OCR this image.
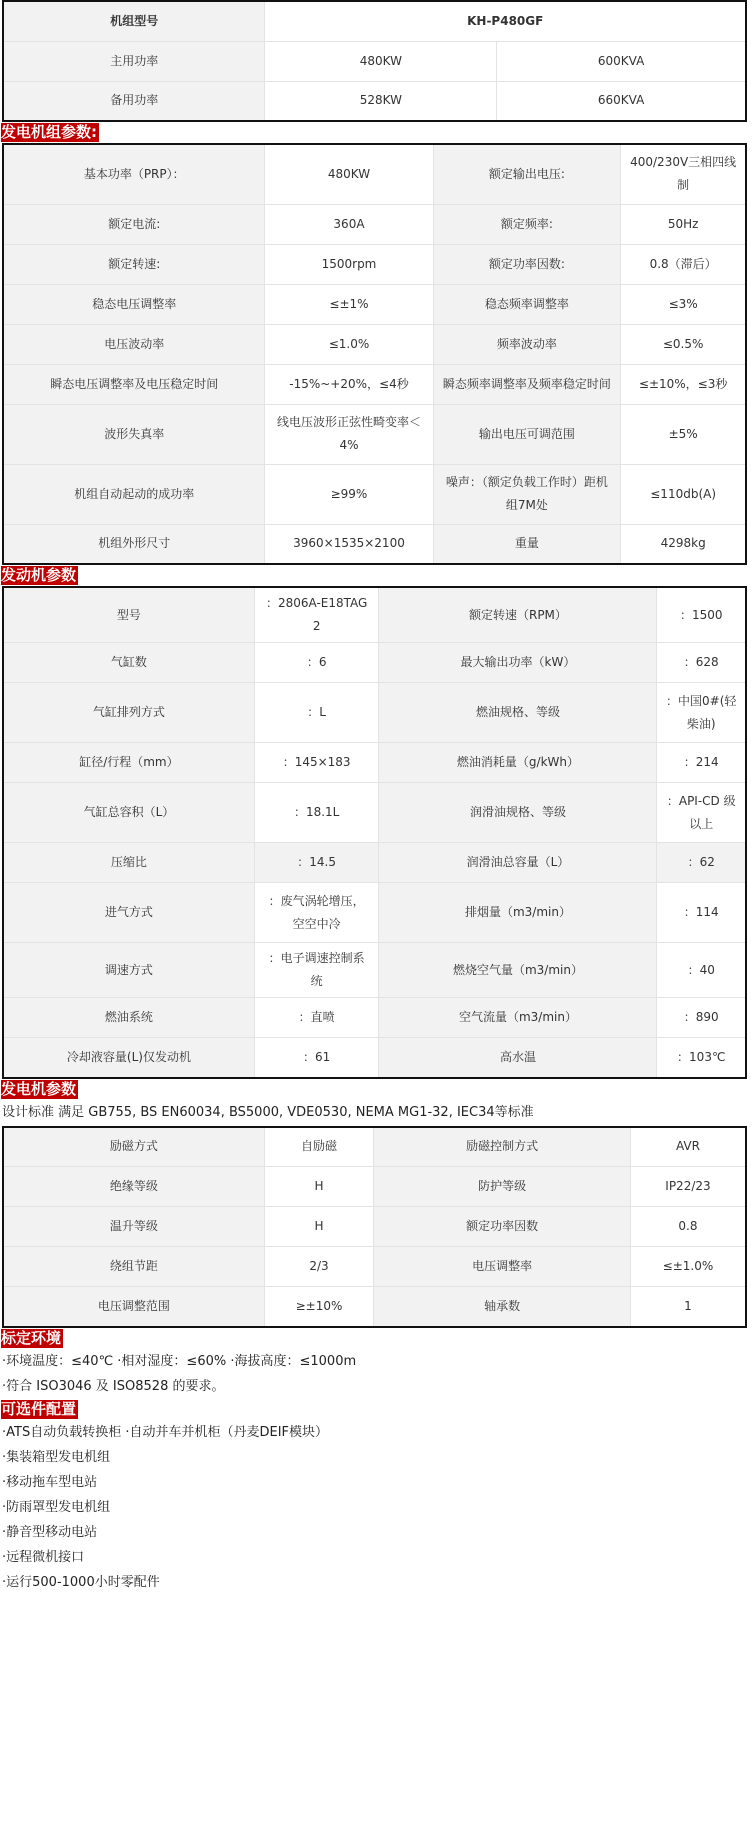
机组型号	KH-P480GF	
主用功率	480KW	600KVA
备用功率	528KW	660KVA
发电机组参数:
基本功率（PRP）：	480KW	额定输出电压:	400/230V三相四线制
额定电流:	360A	额定频率:	50Hz
额定转速:	1500rpm	额定功率因数:	0.8（滞后）
稳态电压调整率	≤±1%	稳态频率调整率	≤3%
电压波动率	≤1.0%	频率波动率	≤0.5%
瞬态电压调整率及电压稳定时间	-15%~+20%，≤4秒	瞬态频率调整率及频率稳定时间	≤±10%，≤3秒
波形失真率	线电压波形正弦性畸变率＜4%	输出电压可调范围	±5%
机组自动起动的成功率	≥99%	噪声：（额定负载工作时）距机组7M处	≤110db(A)
机组外形尺寸	3960×1535×2100	重量	4298kg
发动机参数
型号	：2806A-E18TAG2	额定转速（RPM）	：1500
气缸数	：6	最大输出功率（kW）	：628
气缸排列方式	：L	燃油规格、等级	：中国0#(轻柴油)
缸径/行程（mm）	：145×183	燃油消耗量（g/kWh）	：214
气缸总容积（L）	：18.1L	润滑油规格、等级	：API-CD 级以上
压缩比	：14.5	润滑油总容量（L）	：62
进气方式	：废气涡轮增压，空空中冷	排烟量（m3/min）	：114
调速方式	：电子调速控制系统	燃烧空气量（m3/min）	：40
燃油系统	：直喷	空气流量（m3/min）	：890
冷却液容量(L)仅发动机	：61	高水温	：103℃
发电机参数
设计标准 满足 GB755, BS EN60034, BS5000, VDE0530, NEMA MG1-32, IEC34等标准
励磁方式	自励磁	励磁控制方式	AVR
绝缘等级	H	防护等级	IP22/23
温升等级	H	额定功率因数	0.8
绕组节距	2/3	电压调整率	≤±1.0%
电压调整范围	≥±10%	轴承数	1
标定环境
·环境温度：≤40℃ ·相对湿度：≤60% ·海拔高度：≤1000m
·符合 ISO3046 及 ISO8528 的要求。
可选件配置
·ATS自动负载转换柜 ·自动并车并机柜（丹麦DEIF模块）
·集装箱型发电机组
·移动拖车型电站
·防雨罩型发电机组
·静音型移动电站
·远程微机接口
·运行500-1000小时零配件
